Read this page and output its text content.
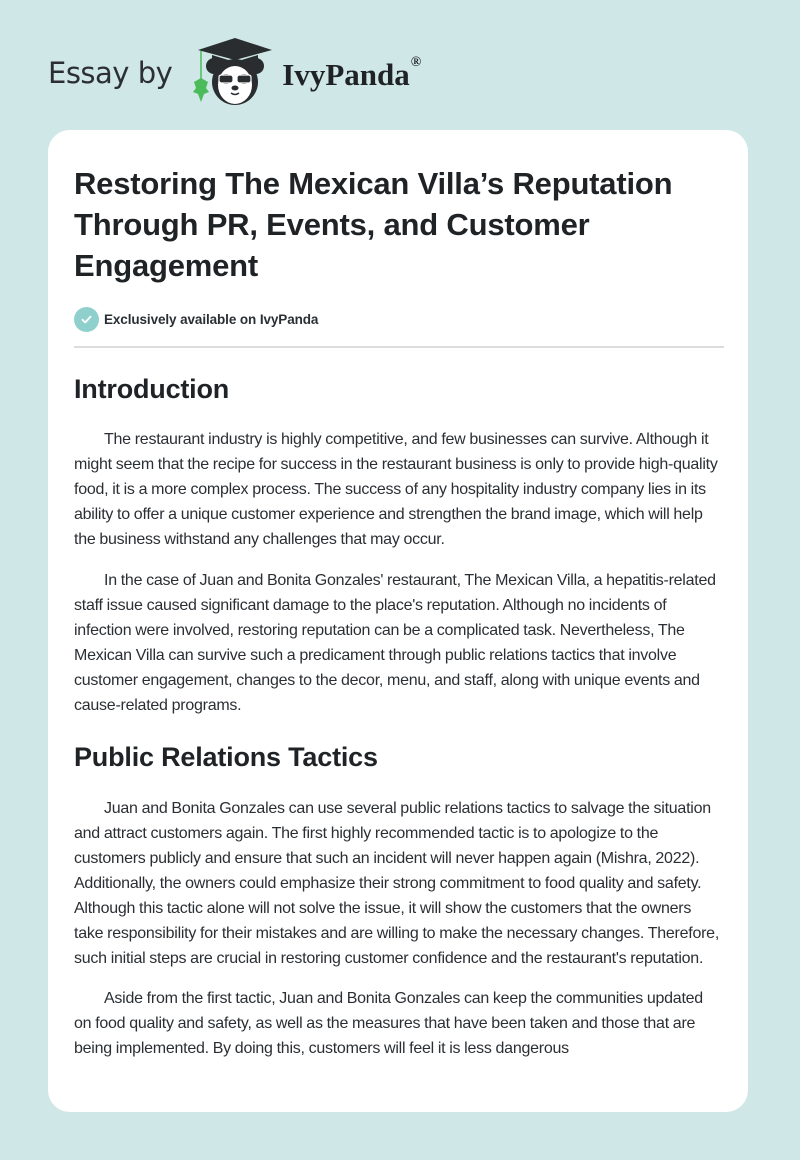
Essay by	IvyPanda®
Restoring The Mexican Villa’s Reputation Through PR, Events, and Customer Engagement
Exclusively available on IvyPanda
Introduction

The restaurant industry is highly competitive, and few businesses can survive. Although it might seem that the recipe for success in the restaurant business is only to provide high-quality food, it is a more complex process. The success of any hospitality industry company lies in its ability to offer a unique customer experience and strengthen the brand image, which will help the business withstand any challenges that may occur.

In the case of Juan and Bonita Gonzales' restaurant, The Mexican Villa, a hepatitis-related staff issue caused significant damage to the place's reputation. Although no incidents of infection were involved, restoring reputation can be a complicated task. Nevertheless, The Mexican Villa can survive such a predicament through public relations tactics that involve customer engagement, changes to the decor, menu, and staff, along with unique events and cause-related programs.

Public Relations Tactics

Juan and Bonita Gonzales can use several public relations tactics to salvage the situation and attract customers again. The first highly recommended tactic is to apologize to the customers publicly and ensure that such an incident will never happen again (Mishra, 2022). Additionally, the owners could emphasize their strong commitment to food quality and safety. Although this tactic alone will not solve the issue, it will show the customers that the owners take responsibility for their mistakes and are willing to make the necessary changes. Therefore, such initial steps are crucial in restoring customer confidence and the restaurant's reputation.

Aside from the first tactic, Juan and Bonita Gonzales can keep the communities updated on food quality and safety, as well as the measures that have been taken and those that are being implemented. By doing this, customers will feel it is less dangerous
